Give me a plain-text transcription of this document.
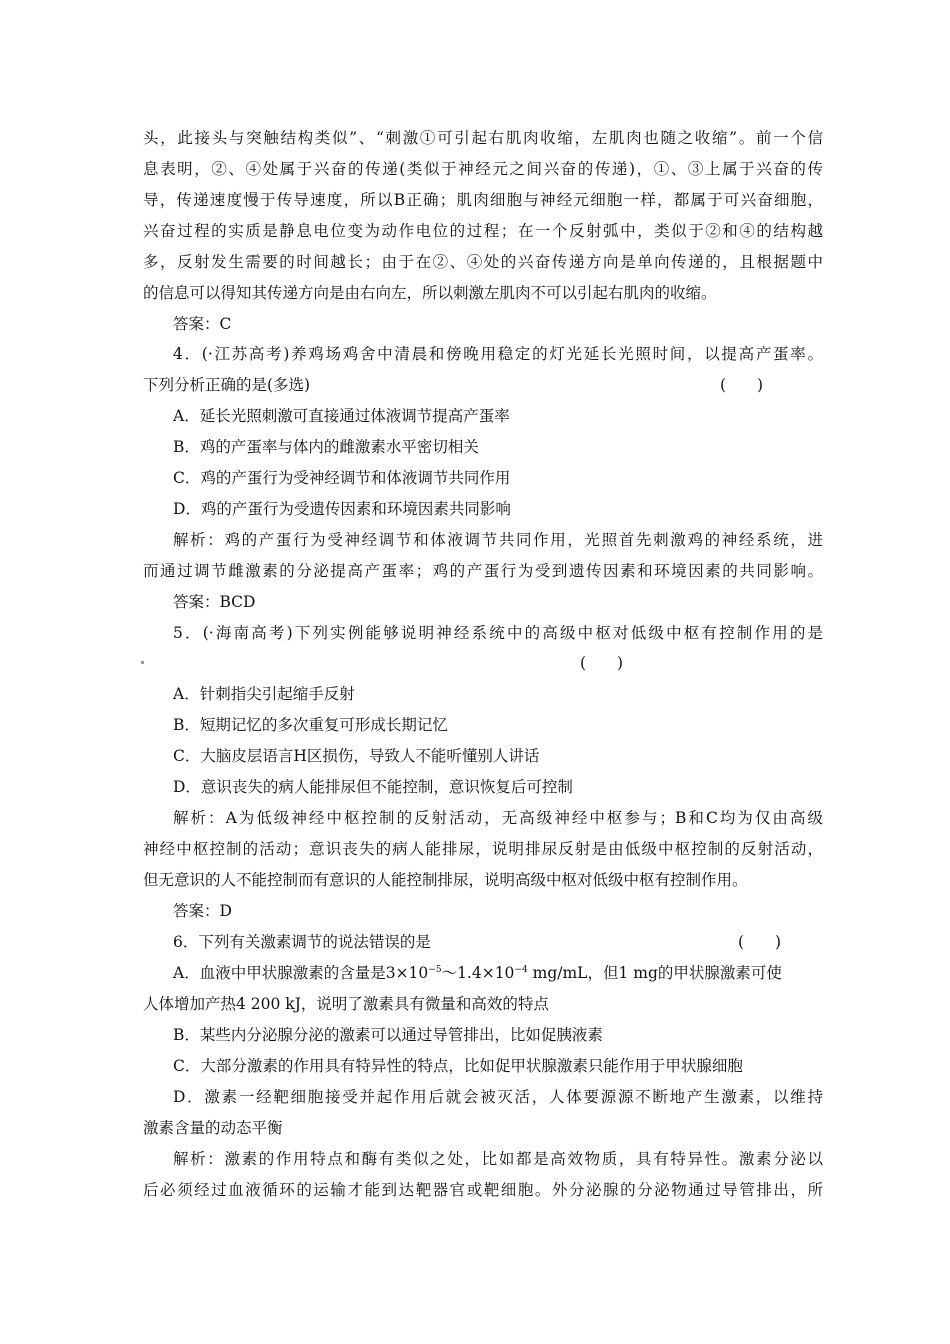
头，此接头与突触结构类似”、“刺激①可引起右肌肉收缩，左肌肉也随之收缩”。前一个信
息表明，②、④处属于兴奋的传递(类似于神经元之间兴奋的传递)，①、③上属于兴奋的传
导，传递速度慢于传导速度，所以B正确；肌肉细胞与神经元细胞一样，都属于可兴奋细胞，
兴奋过程的实质是静息电位变为动作电位的过程；在一个反射弧中，类似于②和④的结构越
多，反射发生需要的时间越长；由于在②、④处的兴奋传递方向是单向传递的，且根据题中
的信息可以得知其传递方向是由右向左，所以刺激左肌肉不可以引起右肌肉的收缩。
答案：C
4．(·江苏高考)养鸡场鸡舍中清晨和傍晚用稳定的灯光延长光照时间，以提高产蛋率。
下列分析正确的是(多选)	(　　)
A．延长光照刺激可直接通过体液调节提高产蛋率
B．鸡的产蛋率与体内的雌激素水平密切相关
C．鸡的产蛋行为受神经调节和体液调节共同作用
D．鸡的产蛋行为受遗传因素和环境因素共同影响
解析：鸡的产蛋行为受神经调节和体液调节共同作用，光照首先刺激鸡的神经系统，进
而通过调节雌激素的分泌提高产蛋率；鸡的产蛋行为受到遗传因素和环境因素的共同影响。
答案：BCD
5．(·海南高考)下列实例能够说明神经系统中的高级中枢对低级中枢有控制作用的是
(　　)
A．针刺指尖引起缩手反射
B．短期记忆的多次重复可形成长期记忆
C．大脑皮层语言H区损伤，导致人不能听懂别人讲话
D．意识丧失的病人能排尿但不能控制，意识恢复后可控制
解析：A为低级神经中枢控制的反射活动，无高级神经中枢参与；B和C均为仅由高级
神经中枢控制的活动；意识丧失的病人能排尿，说明排尿反射是由低级中枢控制的反射活动，
但无意识的人不能控制而有意识的人能控制排尿，说明高级中枢对低级中枢有控制作用。
答案：D
6．下列有关激素调节的说法错误的是	(　　)
A．血液中甲状腺激素的含量是$3\times 10^{-5}\sim 1.4\times 10^{-4}$ mg/mL，但1 mg的甲状腺激素可使
人体增加产热4 200 kJ，说明了激素具有微量和高效的特点
B．某些内分泌腺分泌的激素可以通过导管排出，比如促胰液素
C．大部分激素的作用具有特异性的特点，比如促甲状腺激素只能作用于甲状腺细胞
D．激素一经靶细胞接受并起作用后就会被灭活，人体要源源不断地产生激素，以维持
激素含量的动态平衡
解析：激素的作用特点和酶有类似之处，比如都是高效物质，具有特异性。激素分泌以
后必须经过血液循环的运输才能到达靶器官或靶细胞。外分泌腺的分泌物通过导管排出，所
